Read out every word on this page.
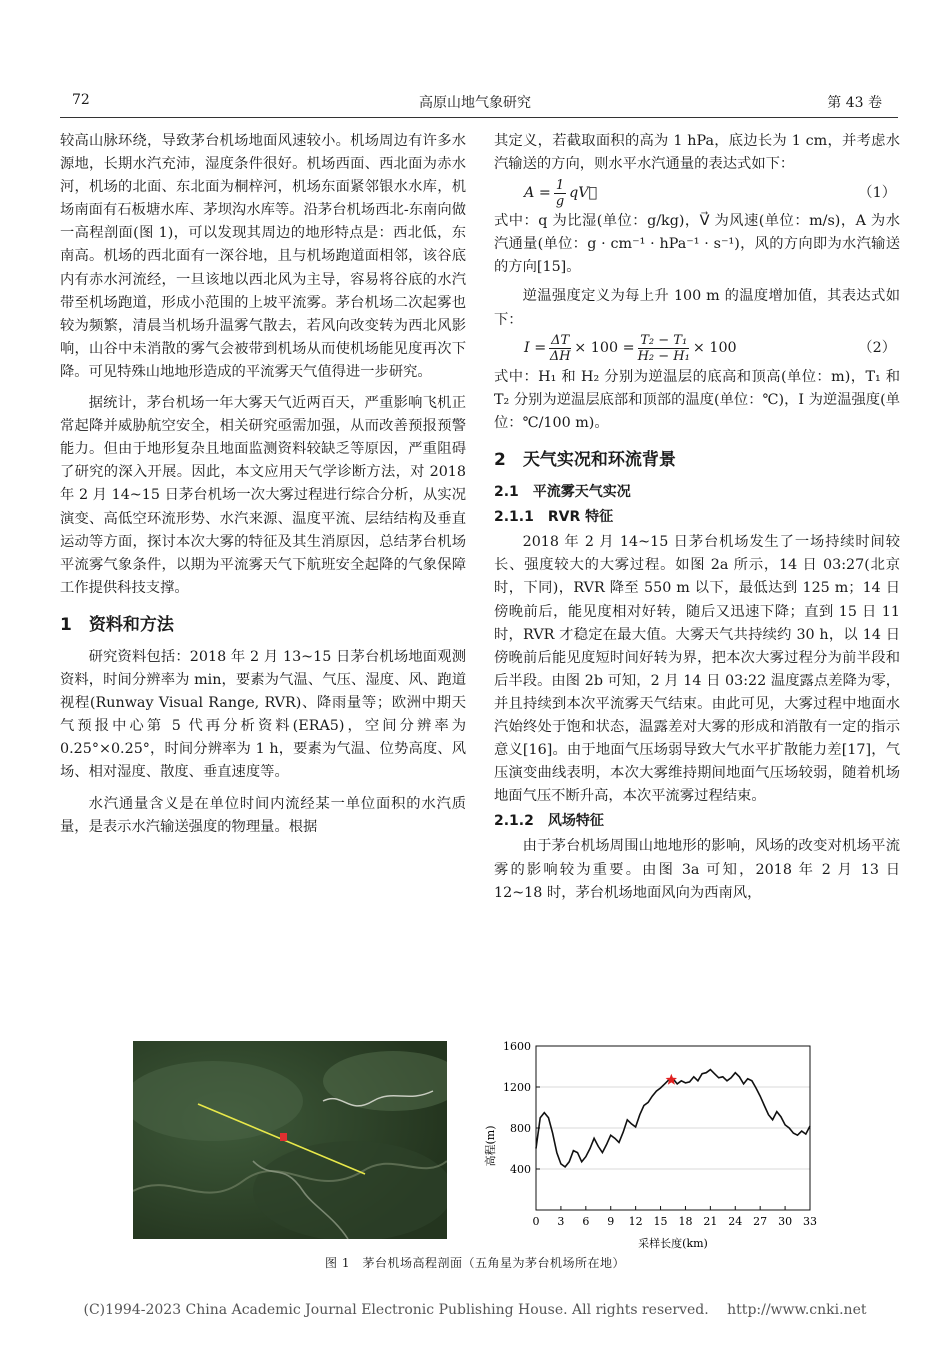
72	高原山地气象研究	第 43 卷

较高山脉环绕，导致茅台机场地面风速较小。机场周边有许多水源地，长期水汽充沛，湿度条件很好。机场西面、西北面为赤水河，机场的北面、东北面为桐梓河，机场东面紧邻银水水库，机场南面有石板塘水库、茅坝沟水库等。沿茅台机场西北-东南向做一高程剖面(图 1)，可以发现其周边的地形特点是：西北低，东南高。机场的西北面有一深谷地，且与机场跑道面相邻，该谷底内有赤水河流经，一旦该地以西北风为主导，容易将谷底的水汽带至机场跑道，形成小范围的上坡平流雾。茅台机场二次起雾也较为频繁，清晨当机场升温雾气散去，若风向改变转为西北风影响，山谷中未消散的雾气会被带到机场从而使机场能见度再次下降。可见特殊山地地形造成的平流雾天气值得进一步研究。

据统计，茅台机场一年大雾天气近两百天，严重影响飞机正常起降并威胁航空安全，相关研究亟需加强，从而改善预报预警能力。但由于地形复杂且地面监测资料较缺乏等原因，严重阻碍了研究的深入开展。因此，本文应用天气学诊断方法，对 2018 年 2 月 14~15 日茅台机场一次大雾过程进行综合分析，从实况演变、高低空环流形势、水汽来源、温度平流、层结结构及垂直运动等方面，探讨本次大雾的特征及其生消原因，总结茅台机场平流雾气象条件，以期为平流雾天气下航班安全起降的气象保障工作提供科技支撑。

1　资料和方法

研究资料包括：2018 年 2 月 13~15 日茅台机场地面观测资料，时间分辨率为 min，要素为气温、气压、湿度、风、跑道视程(Runway Visual Range, RVR)、降雨量等；欧洲中期天气预报中心第 5 代再分析资料(ERA5)，空间分辨率为 0.25°×0.25°，时间分辨率为 1 h，要素为气温、位势高度、风场、相对湿度、散度、垂直速度等。

水汽通量含义是在单位时间内流经某一单位面积的水汽质量，是表示水汽输送强度的物理量。根据

其定义，若截取面积的高为 1 hPa，底边长为 1 cm，并考虑水汽输送的方向，则水平水汽通量的表达式如下：

$A = \frac{1}{g}$ qV⃗	（1）

式中：q 为比湿(单位：g/kg)，V⃗ 为风速(单位：m/s)，A 为水汽通量(单位：g · cm⁻¹ · hPa⁻¹ · s⁻¹)，风的方向即为水汽输送的方向[15]。

逆温强度定义为每上升 100 m 的温度增加值，其表达式如下：

$I = \frac{\Delta T}{\Delta H} \times 100 = \frac{\text{T₂ − T₁}}{\text{H₂ − H₁}} \times 100$	（2）

式中：H₁ 和 H₂ 分别为逆温层的底高和顶高(单位：m)，T₁ 和 T₂ 分别为逆温层底部和顶部的温度(单位：℃)，I 为逆温强度(单位：℃/100 m)。

2　天气实况和环流背景
2.1　平流雾天气实况
2.1.1　RVR 特征

2018 年 2 月 14~15 日茅台机场发生了一场持续时间较长、强度较大的大雾过程。如图 2a 所示，14 日 03:27(北京时，下同)，RVR 降至 550 m 以下，最低达到 125 m；14 日傍晚前后，能见度相对好转，随后又迅速下降；直到 15 日 11 时，RVR 才稳定在最大值。大雾天气共持续约 30 h，以 14 日傍晚前后能见度短时间好转为界，把本次大雾过程分为前半段和后半段。由图 2b 可知，2 月 14 日 03:22 温度露点差降为零，并且持续到本次平流雾天气结束。由此可见，大雾过程中地面水汽始终处于饱和状态，温露差对大雾的形成和消散有一定的指示意义[16]。由于地面气压场弱导致大气水平扩散能力差[17]，气压演变曲线表明，本次大雾维持期间地面气压场较弱，随着机场地面气压不断升高，本次平流雾过程结束。

2.1.2　风场特征

由于茅台机场周围山地地形的影响，风场的改变对机场平流雾的影响较为重要。由图 3a 可知，2018 年 2 月 13 日 12~18 时，茅台机场地面风向为西南风，

0 3 6 9 12 15 18 21 24 27 30 33
400
800
1200
1600
采样长度(km)
高程(m)
图 1　茅台机场高程剖面（五角星为茅台机场所在地）
(C)1994-2023 China Academic Journal Electronic Publishing House. All rights reserved.　 http://www.cnki.net
